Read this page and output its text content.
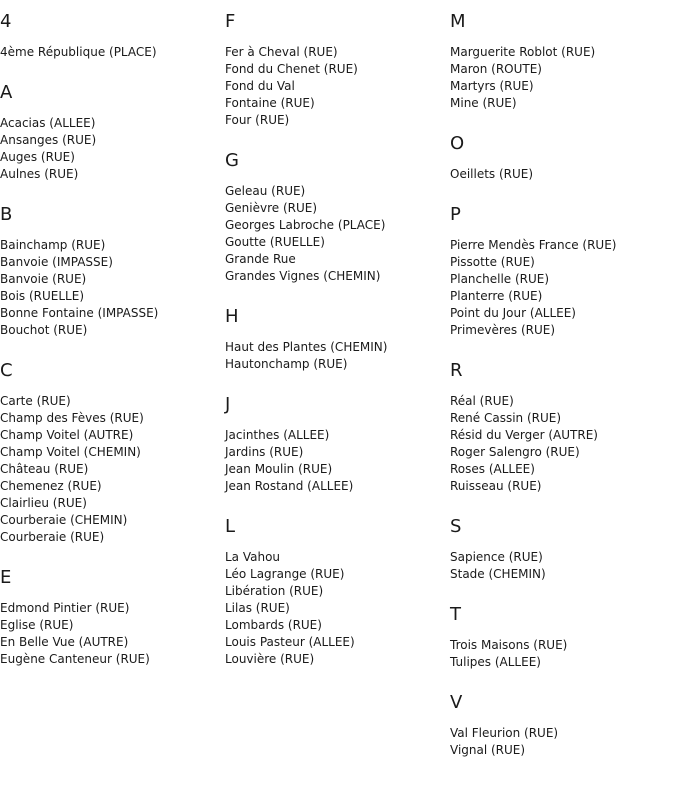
4
4ème République (PLACE)
A
Acacias (ALLEE)
Ansanges (RUE)
Auges (RUE)
Aulnes (RUE)
B
Bainchamp (RUE)
Banvoie (IMPASSE)
Banvoie (RUE)
Bois (RUELLE)
Bonne Fontaine (IMPASSE)
Bouchot (RUE)
C
Carte (RUE)
Champ des Fèves (RUE)
Champ Voitel (AUTRE)
Champ Voitel (CHEMIN)
Château (RUE)
Chemenez (RUE)
Clairlieu (RUE)
Courberaie (CHEMIN)
Courberaie (RUE)
E
Edmond Pintier (RUE)
Eglise (RUE)
En Belle Vue (AUTRE)
Eugène Canteneur (RUE)
F
Fer à Cheval (RUE)
Fond du Chenet (RUE)
Fond du Val
Fontaine (RUE)
Four (RUE)
G
Geleau (RUE)
Genièvre (RUE)
Georges Labroche (PLACE)
Goutte (RUELLE)
Grande Rue
Grandes Vignes (CHEMIN)
H
Haut des Plantes (CHEMIN)
Hautonchamp (RUE)
J
Jacinthes (ALLEE)
Jardins (RUE)
Jean Moulin (RUE)
Jean Rostand (ALLEE)
L
La Vahou
Léo Lagrange (RUE)
Libération (RUE)
Lilas (RUE)
Lombards (RUE)
Louis Pasteur (ALLEE)
Louvière (RUE)
M
Marguerite Roblot (RUE)
Maron (ROUTE)
Martyrs (RUE)
Mine (RUE)
O
Oeillets (RUE)
P
Pierre Mendès France (RUE)
Pissotte (RUE)
Planchelle (RUE)
Planterre (RUE)
Point du Jour (ALLEE)
Primevères (RUE)
R
Réal (RUE)
René Cassin (RUE)
Résid du Verger (AUTRE)
Roger Salengro (RUE)
Roses (ALLEE)
Ruisseau (RUE)
S
Sapience (RUE)
Stade (CHEMIN)
T
Trois Maisons (RUE)
Tulipes (ALLEE)
V
Val Fleurion (RUE)
Vignal (RUE)
